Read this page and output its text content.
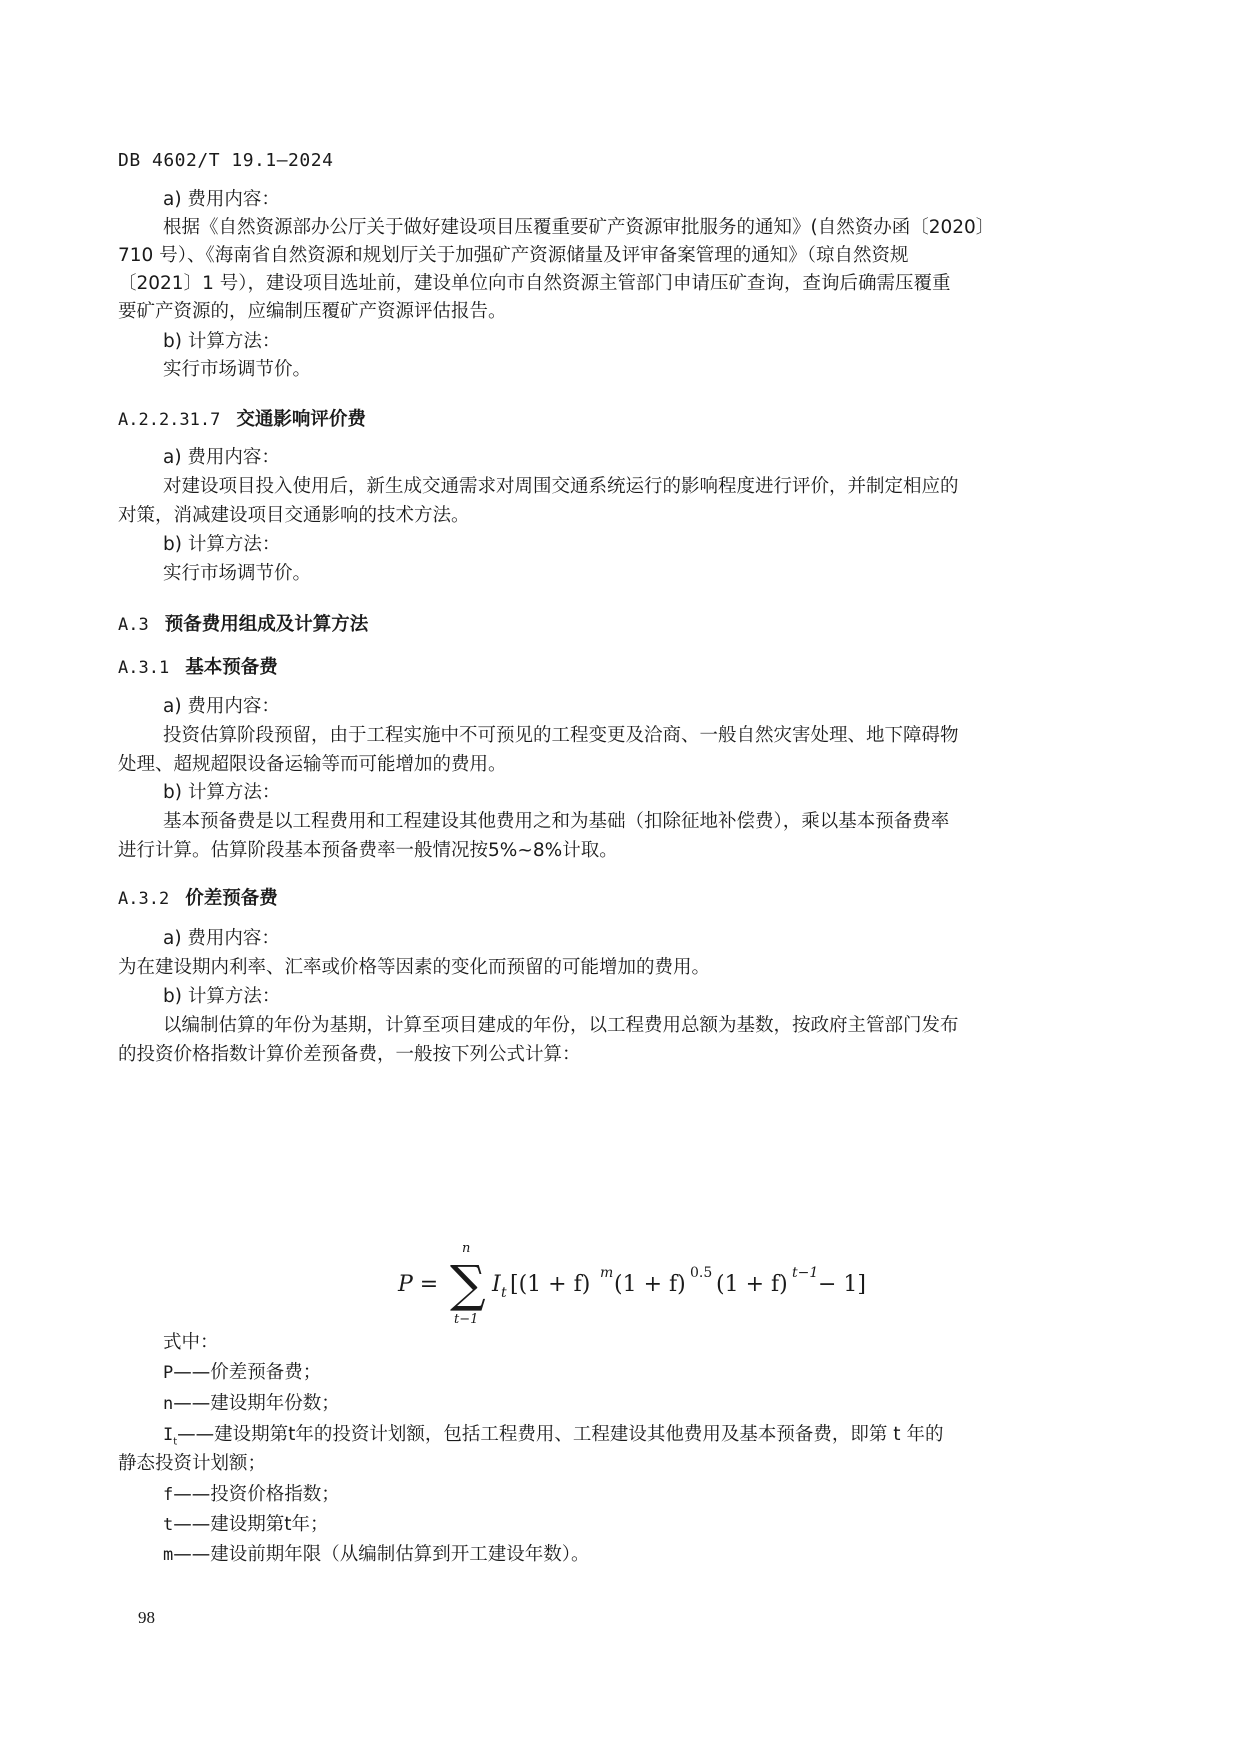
DB 4602/T 19.1—2024
a) 费用内容：
根据《自然资源部办公厅关于做好建设项目压覆重要矿产资源审批服务的通知》(自然资办函〔2020〕
710 号）、《海南省自然资源和规划厅关于加强矿产资源储量及评审备案管理的通知》（琼自然资规
〔2021〕1 号），建设项目选址前，建设单位向市自然资源主管部门申请压矿查询，查询后确需压覆重
要矿产资源的，应编制压覆矿产资源评估报告。
b) 计算方法：
实行市场调节价。
A.2.2.31.7 交通影响评价费
a) 费用内容：
对建设项目投入使用后，新生成交通需求对周围交通系统运行的影响程度进行评价，并制定相应的
对策，消减建设项目交通影响的技术方法。
b) 计算方法：
实行市场调节价。
A.3 预备费用组成及计算方法
A.3.1 基本预备费
a) 费用内容：
投资估算阶段预留，由于工程实施中不可预见的工程变更及洽商、一般自然灾害处理、地下障碍物
处理、超规超限设备运输等而可能增加的费用。
b) 计算方法：
基本预备费是以工程费用和工程建设其他费用之和为基础（扣除征地补偿费），乘以基本预备费率
进行计算。估算阶段基本预备费率一般情况按5%~8%计取。
A.3.2 价差预备费
a) 费用内容：
为在建设期内利率、汇率或价格等因素的变化而预留的可能增加的费用。
b) 计算方法：
以编制估算的年份为基期，计算至项目建成的年份，以工程费用总额为基数，按政府主管部门发布
的投资价格指数计算价差预备费，一般按下列公式计算：
P = ∑
n
t−1
I t [(1 + f) m (1 + f) 0.5 (1 + f) t−1 − 1]
式中：
P——价差预备费；
n——建设期年份数；
$I_t——$建设期第t年的投资计划额，包括工程费用、工程建设其他费用及基本预备费，即第 t 年的
静态投资计划额；
f——投资价格指数；
t——建设期第t年；
m——建设前期年限（从编制估算到开工建设年数）。
98
